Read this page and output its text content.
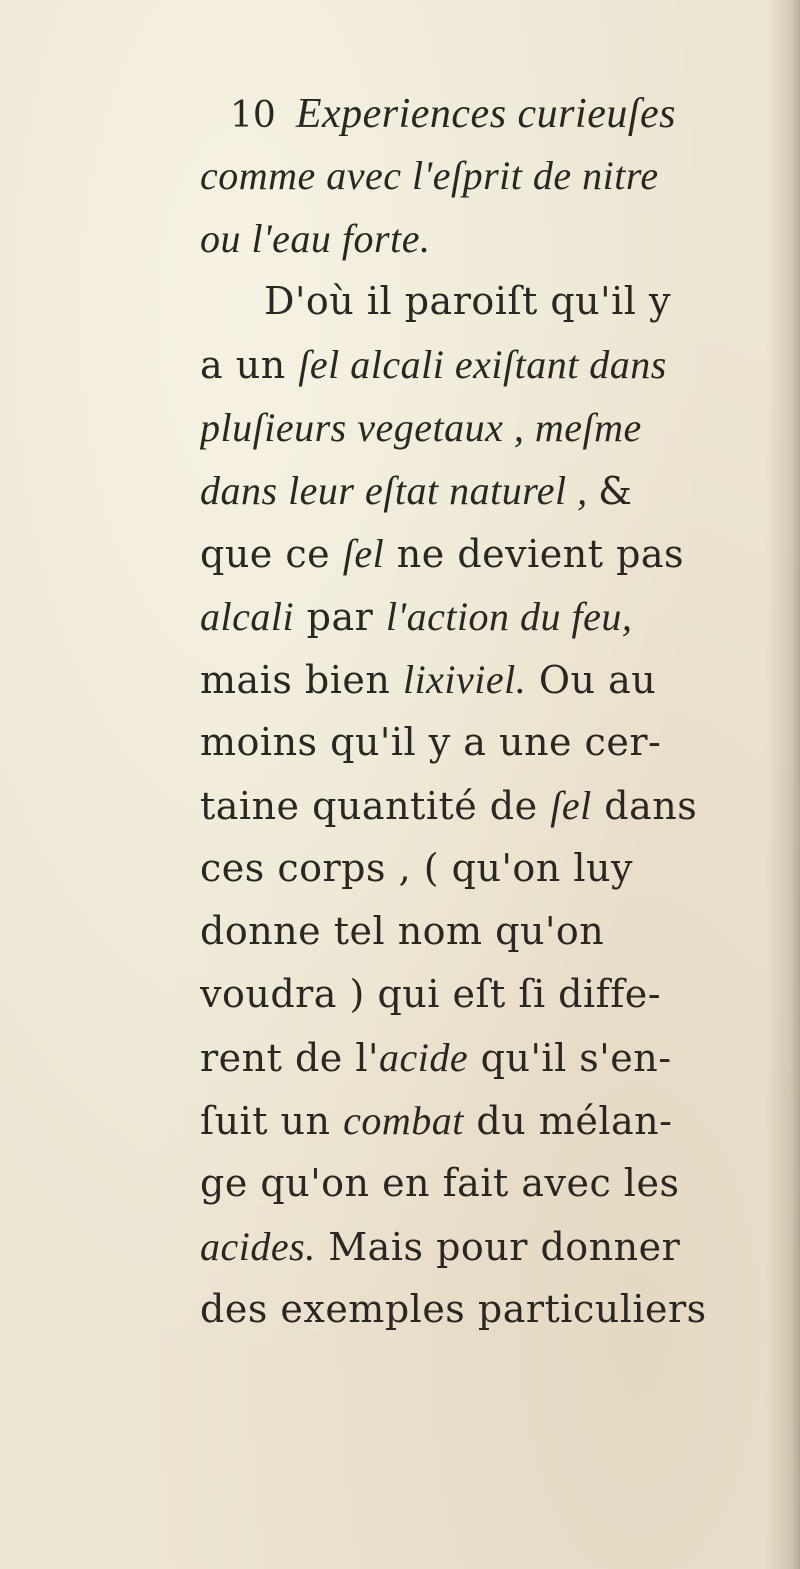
10 Experiences curieuſes
comme avec l'eſprit de nitre
ou l'eau forte.
D'où il paroiſt qu'il y
a un ſel alcali exiſtant dans
pluſieurs vegetaux , meſme
dans leur eſtat naturel , &
que ce ſel ne devient pas
alcali par l'action du feu,
mais bien lixiviel. Ou au
moins qu'il y a une cer-
taine quantité de ſel dans
ces corps , ( qu'on luy
donne tel nom qu'on
voudra ) qui eſt ſi diffe-
rent de l'acide qu'il s'en-
ſuit un combat du mélan-
ge qu'on en fait avec les
acides. Mais pour donner
des exemples particuliers
